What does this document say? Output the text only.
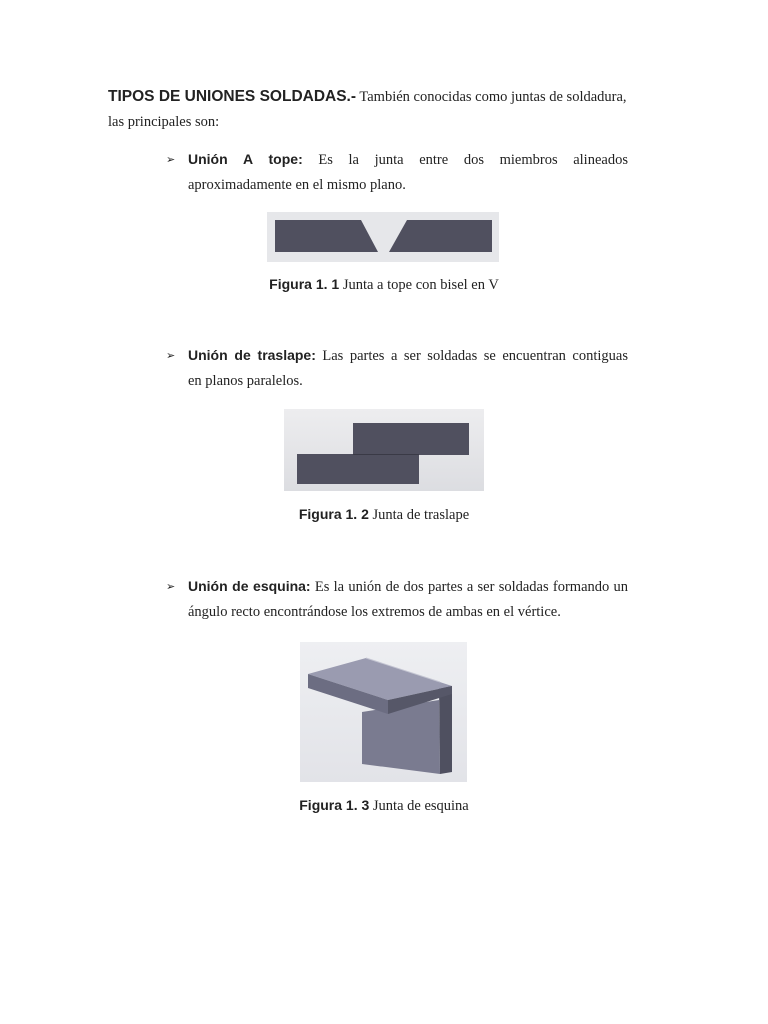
TIPOS DE UNIONES SOLDADAS.- También conocidas como juntas de soldadura, las principales son:
➢ Unión A tope: Es la junta entre dos miembros alineados
aproximadamente en el mismo plano.
Figura 1. 1 Junta a tope con bisel en V
➢ Unión de traslape: Las partes a ser soldadas se encuentran contiguas
en planos paralelos.
Figura 1. 2 Junta de traslape
➢ Unión de esquina: Es la unión de dos partes a ser soldadas formando un
ángulo recto encontrándose los extremos de ambas en el vértice.
Figura 1. 3 Junta de esquina
